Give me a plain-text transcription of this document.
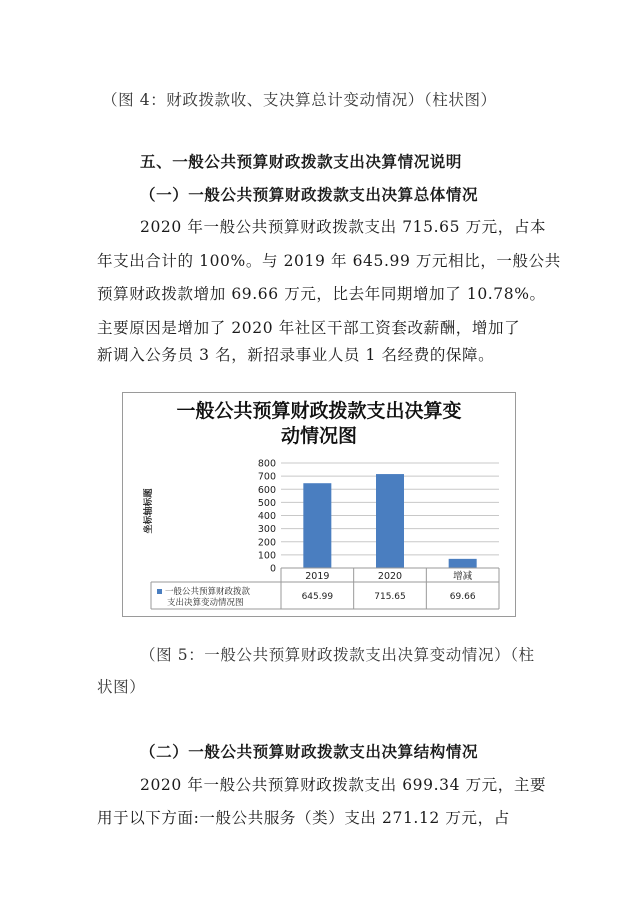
（图 4：财政拨款收、支决算总计变动情况）（柱状图）
五、一般公共预算财政拨款支出决算情况说明
（一）一般公共预算财政拨款支出决算总体情况
2020 年一般公共预算财政拨款支出 715.65 万元，占本
年支出合计的 100%。与 2019 年 645.99 万元相比，一般公共
预算财政拨款增加 69.66 万元，比去年同期增加了 10.78%。
主要原因是增加了 2020 年社区干部工资套改薪酬，增加了
新调入公务员 3 名，新招录事业人员 1 名经费的保障。
一般公共预算财政拨款支出决算变
动情况图
0
100
200
300
400
500
600
700
800
坐标轴标题
2019	2020	增减
一般公共预算财政拨款
支出决算变动情况图
645.99	715.65	69.66
（图 5：一般公共预算财政拨款支出决算变动情况）（柱
状图）
（二）一般公共预算财政拨款支出决算结构情况
2020 年一般公共预算财政拨款支出 699.34 万元，主要
用于以下方面:一般公共服务（类）支出 271.12 万元，占
